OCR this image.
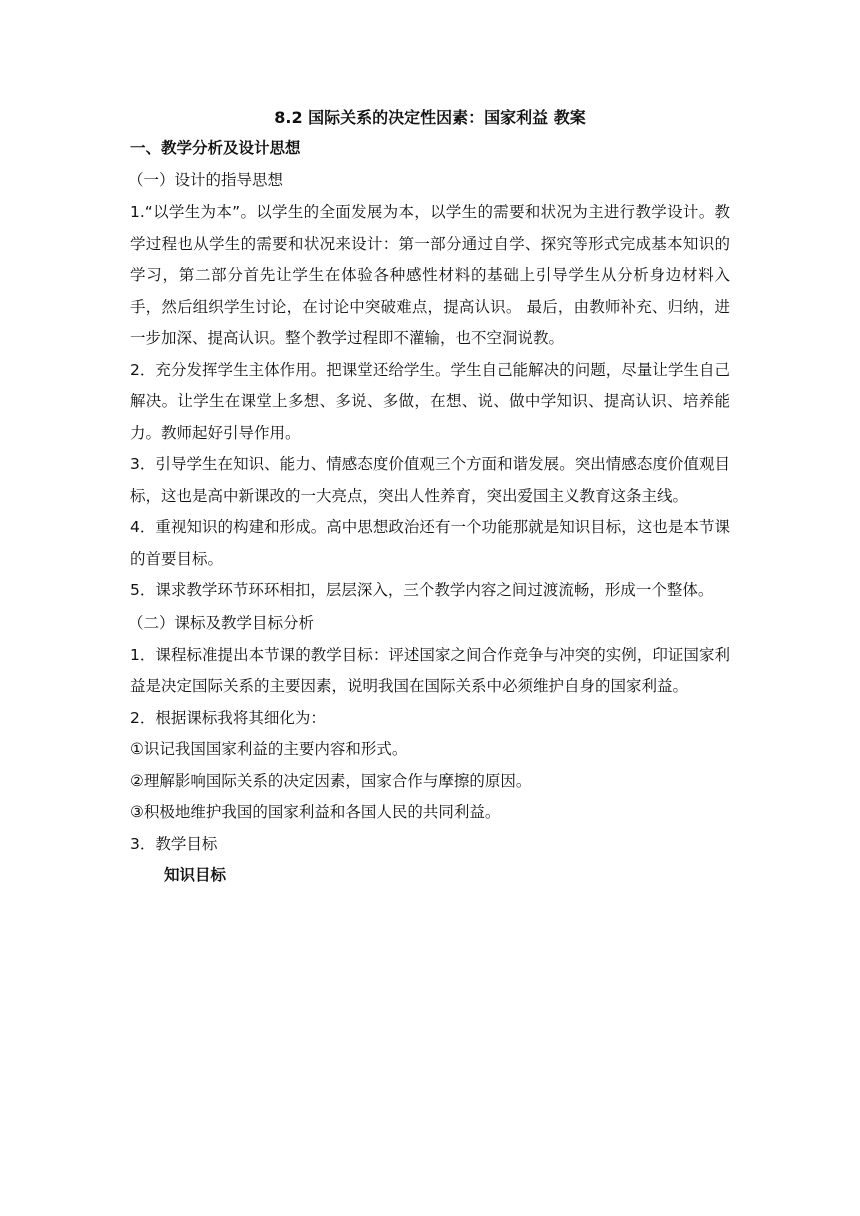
8.2 国际关系的决定性因素：国家利益 教案
一、教学分析及设计思想
（一）设计的指导思想

1.“以学生为本”。以学生的全面发展为本，以学生的需要和状况为主进行教学设计。教学过程也从学生的需要和状况来设计：第一部分通过自学、探究等形式完成基本知识的学习，第二部分首先让学生在体验各种感性材料的基础上引导学生从分析身边材料入手，然后组织学生讨论，在讨论中突破难点，提高认识。 最后，由教师补充、归纳，进一步加深、提高认识。整个教学过程即不灌输，也不空洞说教。

2．充分发挥学生主体作用。把课堂还给学生。学生自己能解决的问题，尽量让学生自己解决。让学生在课堂上多想、多说、多做，在想、说、做中学知识、提高认识、培养能力。教师起好引导作用。

3．引导学生在知识、能力、情感态度价值观三个方面和谐发展。突出情感态度价值观目标，这也是高中新课改的一大亮点，突出人性养育，突出爱国主义教育这条主线。

4．重视知识的构建和形成。高中思想政治还有一个功能那就是知识目标，这也是本节课的首要目标。

5．课求教学环节环环相扣，层层深入，三个教学内容之间过渡流畅，形成一个整体。

（二）课标及教学目标分析

1．课程标准提出本节课的教学目标：评述国家之间合作竞争与冲突的实例，印证国家利益是决定国际关系的主要因素，说明我国在国际关系中必须维护自身的国家利益。

2．根据课标我将其细化为：

①识记我国国家利益的主要内容和形式。

②理解影响国际关系的决定因素，国家合作与摩擦的原因。

③积极地维护我国的国家利益和各国人民的共同利益。

3．教学目标

知识目标
